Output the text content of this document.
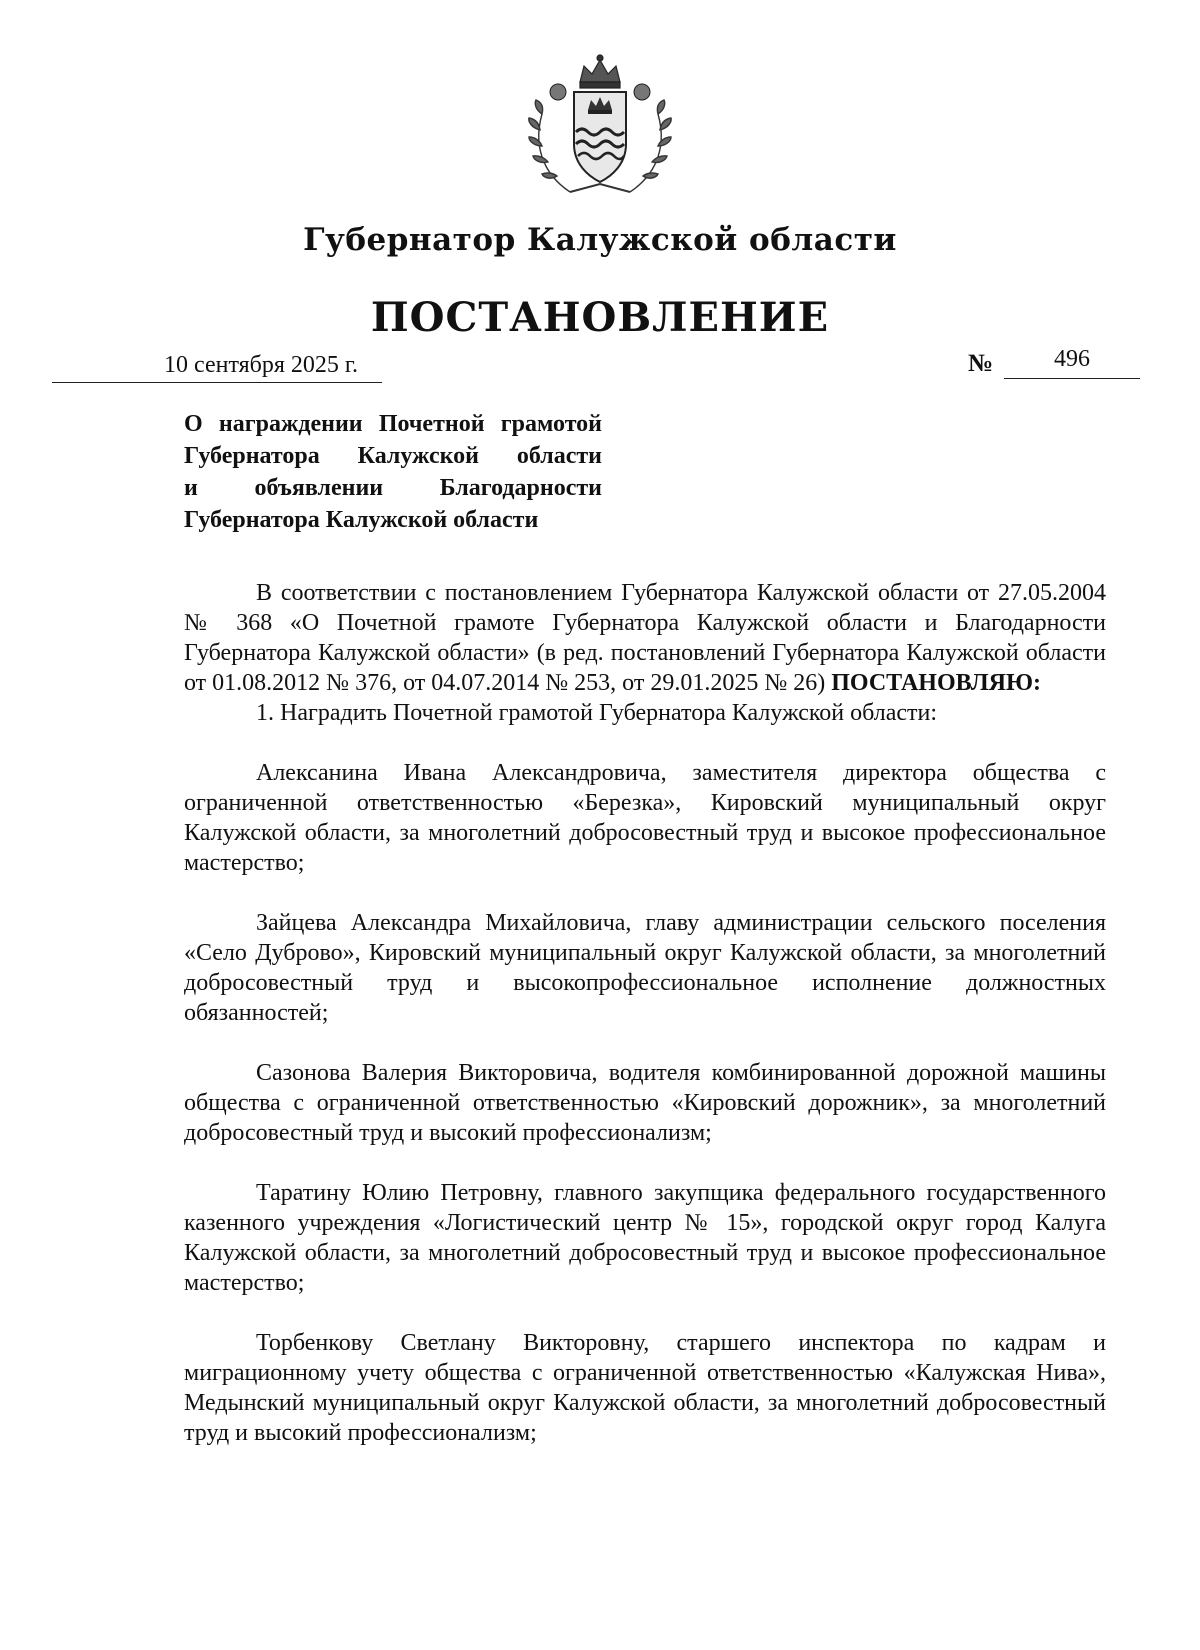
Губернатор Калужской области
ПОСТАНОВЛЕНИЕ
10 сентября 2025 г.	№	496
О награждении Почетной грамотой
Губернатора Калужской области
и объявлении Благодарности
Губернатора Калужской области

В соответствии с постановлением Губернатора Калужской области от 27.05.2004 № 368 «О Почетной грамоте Губернатора Калужской области и Благодарности Губернатора Калужской области» (в ред. постановлений Губернатора Калужской области от 01.08.2012 № 376, от 04.07.2014 № 253, от 29.01.2025 № 26) ПОСТАНОВЛЯЮ:

1. Наградить Почетной грамотой Губернатора Калужской области:

Алексанина Ивана Александровича, заместителя директора общества с ограниченной ответственностью «Березка», Кировский муниципальный округ Калужской области, за многолетний добросовестный труд и высокое профессиональное мастерство;

Зайцева Александра Михайловича, главу администрации сельского поселения «Село Дуброво», Кировский муниципальный округ Калужской области, за многолетний добросовестный труд и высокопрофессиональное исполнение должностных обязанностей;

Сазонова Валерия Викторовича, водителя комбинированной дорожной машины общества с ограниченной ответственностью «Кировский дорожник», за многолетний добросовестный труд и высокий профессионализм;

Таратину Юлию Петровну, главного закупщика федерального государственного казенного учреждения «Логистический центр № 15», городской округ город Калуга Калужской области, за многолетний добросовестный труд и высокое профессиональное мастерство;

Торбенкову Светлану Викторовну, старшего инспектора по кадрам и миграционному учету общества с ограниченной ответственностью «Калужская Нива», Медынский муниципальный округ Калужской области, за многолетний добросовестный труд и высокий профессионализм;
